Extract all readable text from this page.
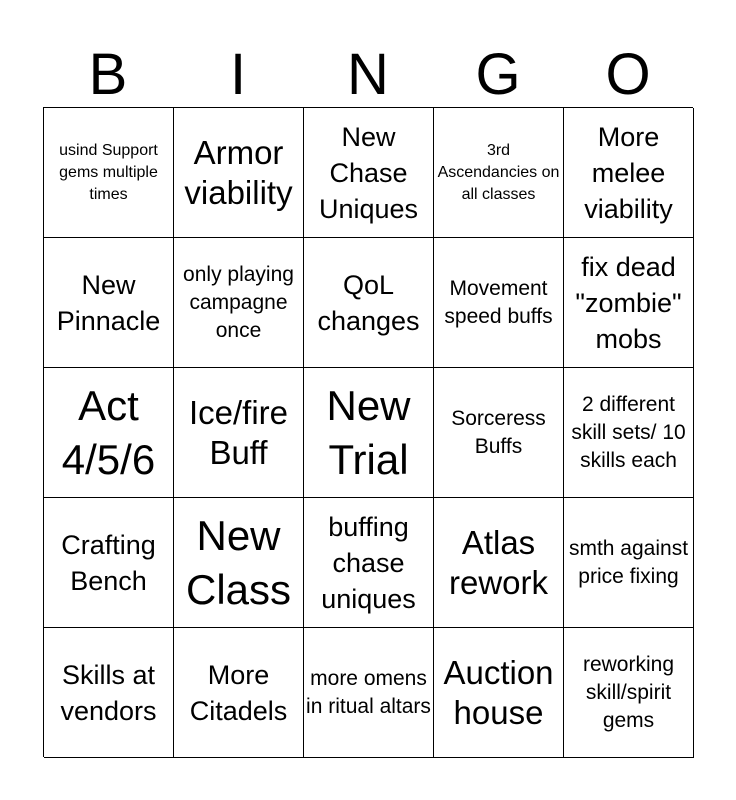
B	I	N	G	O
usind Support gems multiple times
Armor viability
New Chase Uniques
3rd Ascendancies on all classes
More melee viability
New Pinnacle
only playing campagne once
QoL changes
Movement speed buffs
fix dead "zombie" mobs
Act 4/5/6
Ice/fire Buff
New Trial
Sorceress Buffs
2 different skill sets/ 10 skills each
Crafting Bench
New Class
buffing chase uniques
Atlas rework
smth against price fixing
Skills at vendors
More Citadels
more omens in ritual altars
Auction house
reworking skill/spirit gems
